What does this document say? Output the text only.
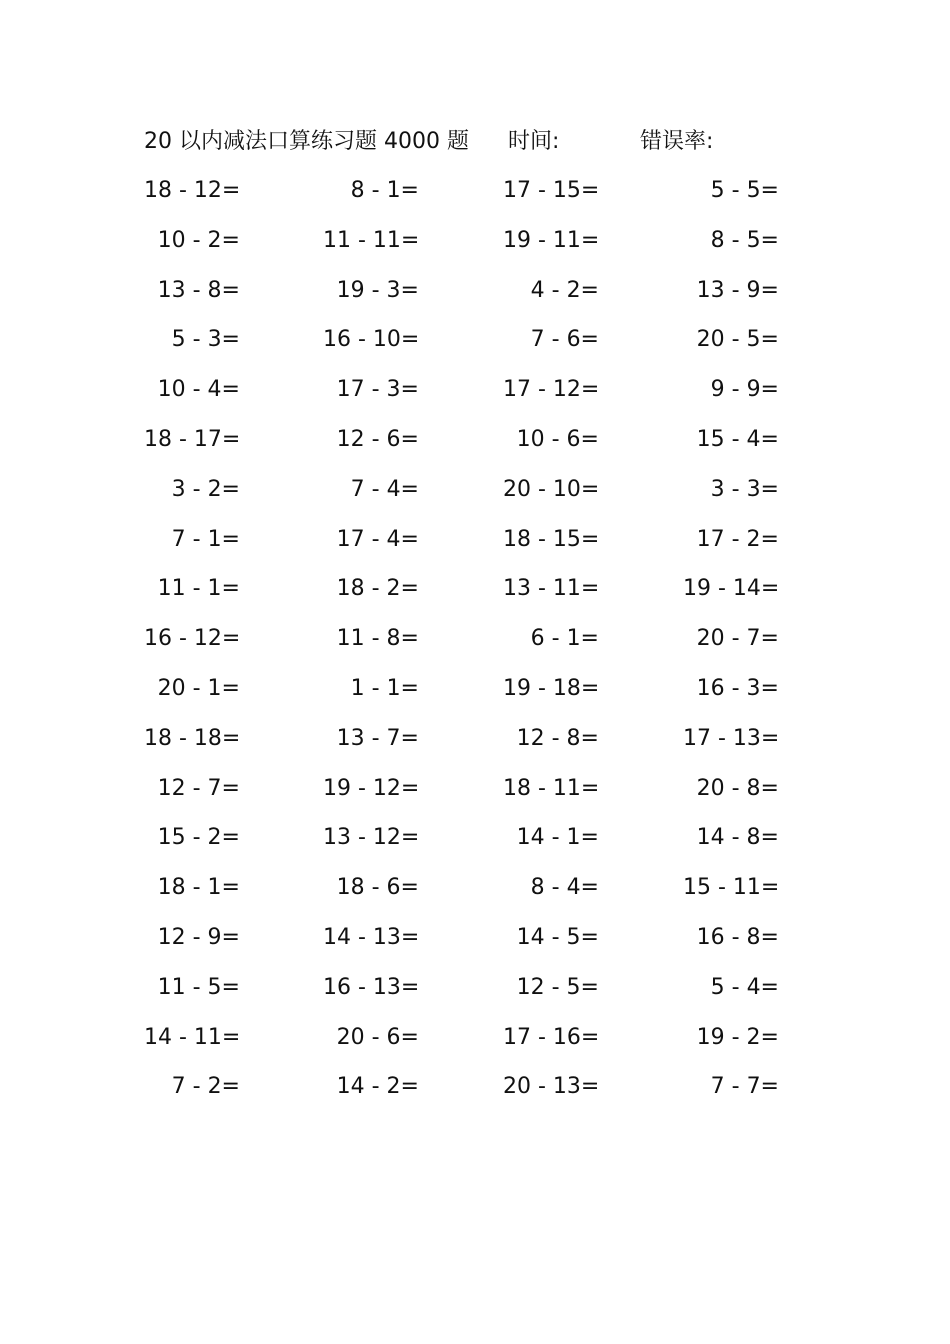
20 以内减法口算练习题 4000 题 时间:	错误率:
18 - 12=	8 - 1=	17 - 15=	5 - 5=
10 - 2=	11 - 11=	19 - 11=	8 - 5=
13 - 8=	19 - 3=	4 - 2=	13 - 9=
5 - 3=	16 - 10=	7 - 6=	20 - 5=
10 - 4=	17 - 3=	17 - 12=	9 - 9=
18 - 17=	12 - 6=	10 - 6=	15 - 4=
3 - 2=	7 - 4=	20 - 10=	3 - 3=
7 - 1=	17 - 4=	18 - 15=	17 - 2=
11 - 1=	18 - 2=	13 - 11=	19 - 14=
16 - 12=	11 - 8=	6 - 1=	20 - 7=
20 - 1=	1 - 1=	19 - 18=	16 - 3=
18 - 18=	13 - 7=	12 - 8=	17 - 13=
12 - 7=	19 - 12=	18 - 11=	20 - 8=
15 - 2=	13 - 12=	14 - 1=	14 - 8=
18 - 1=	18 - 6=	8 - 4=	15 - 11=
12 - 9=	14 - 13=	14 - 5=	16 - 8=
11 - 5=	16 - 13=	12 - 5=	5 - 4=
14 - 11=	20 - 6=	17 - 16=	19 - 2=
7 - 2=	14 - 2=	20 - 13=	7 - 7=
